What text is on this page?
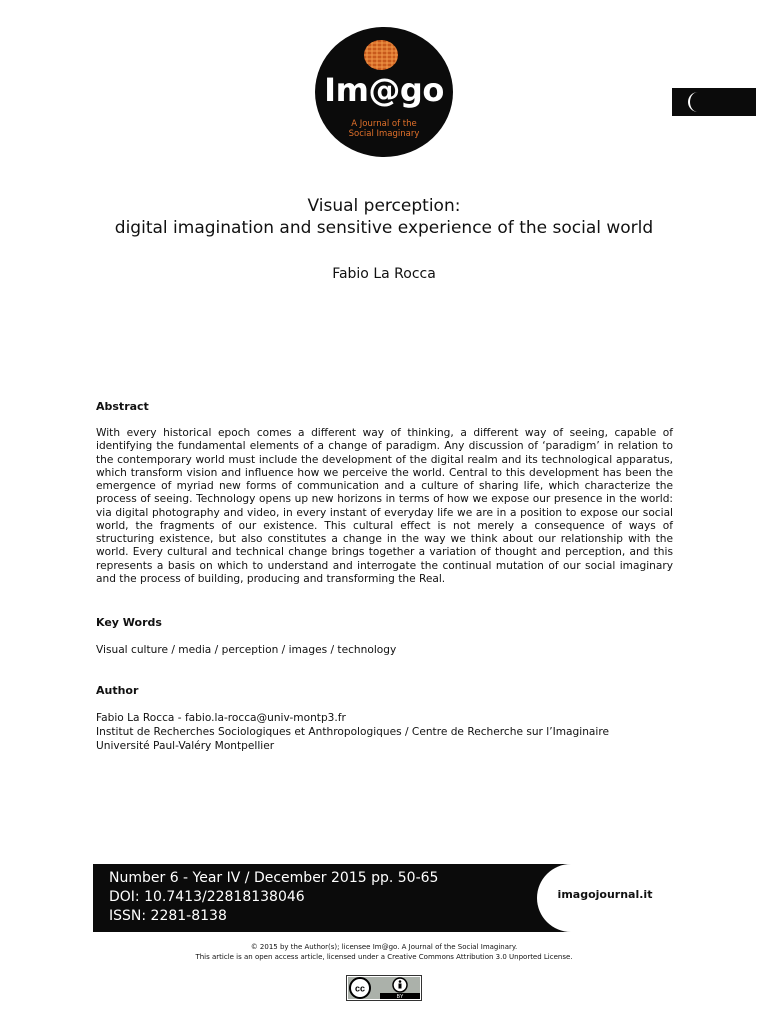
Im@go
A Journal of the
Social Imaginary
Visual perception:
digital imagination and sensitive experience of the social world
Fabio La Rocca
Abstract

With every historical epoch comes a different way of thinking, a different way of seeing, capable of identifying the fundamental elements of a change of paradigm. Any discussion of ‘paradigm’ in relation to the contemporary world must include the development of the digital realm and its technological apparatus, which transform vision and influence how we perceive the world. Central to this development has been the emergence of myriad new forms of communication and a culture of sharing life, which characterize the process of seeing. Technology opens up new horizons in terms of how we expose our presence in the world: via digital photography and video, in every instant of everyday life we are in a position to expose our social world, the fragments of our existence. This cultural effect is not merely a consequence of ways of structuring existence, but also constitutes a change in the way we think about our relationship with the world. Every cultural and technical change brings together a variation of thought and perception, and this represents a basis on which to understand and interrogate the continual mutation of our social imaginary and the process of building, producing and transforming the Real.

Key Words
Visual culture / media / perception / images / technology
Author
Fabio La Rocca - fabio.la-rocca@univ-montp3.fr
Institut de Recherches Sociologiques et Anthropologiques / Centre de Recherche sur l’Imaginaire
Université Paul-Valéry Montpellier
Number 6 - Year IV / December 2015 pp. 50-65
DOI: 10.7413/22818138046
ISSN: 2281-8138
imagojournal.it
© 2015 by the Author(s); licensee Im@go. A Journal of the Social Imaginary.
This article is an open access article, licensed under a Creative Commons Attribution 3.0 Unported License.
cc
BY
